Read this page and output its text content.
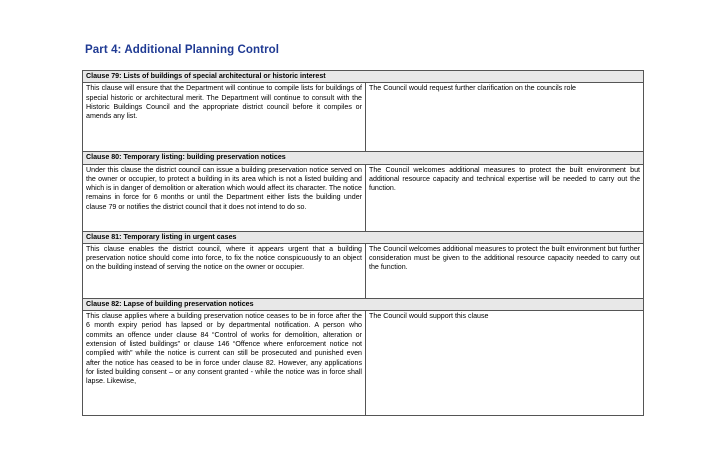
Part 4: Additional Planning Control
Clause 79: Lists of buildings of special architectural or historic interest	

This clause will ensure that the Department will continue to compile lists for buildings of special historic or architectural merit. The Department will continue to consult with the Historic Buildings Council and the appropriate district council before it compiles or amends any list.	The Council would request further clarification on the councils role

Clause 80: Temporary listing: building preservation notices	

Under this clause the district council can issue a building preservation notice served on the owner or occupier, to protect a building in its area which is not a listed building and which is in danger of demolition or alteration which would affect its character. The notice remains in force for 6 months or until the Department either lists the building under clause 79 or notifies the district council that it does not intend to do so.	The Council welcomes additional measures to protect the built environment but additional resource capacity and technical expertise will be needed to carry out the function.

Clause 81: Temporary listing in urgent cases	

This clause enables the district council, where it appears urgent that a building preservation notice should come into force, to fix the notice conspicuously to an object on the building instead of serving the notice on the owner or occupier.	The Council welcomes additional measures to protect the built environment but further consideration must be given to the additional resource capacity needed to carry out the function.

Clause 82: Lapse of building preservation notices	

This clause applies where a building preservation notice ceases to be in force after the 6 month expiry period has lapsed or by departmental notification. A person who commits an offence under clause 84 “Control of works for demolition, alteration or extension of listed buildings” or clause 146 “Offence where enforcement notice not complied with” while the notice is current can still be prosecuted and punished even after the notice has ceased to be in force under clause 82. However, any applications for listed building consent – or any consent granted - while the notice was in force shall lapse. Likewise,	The Council would support this clause
